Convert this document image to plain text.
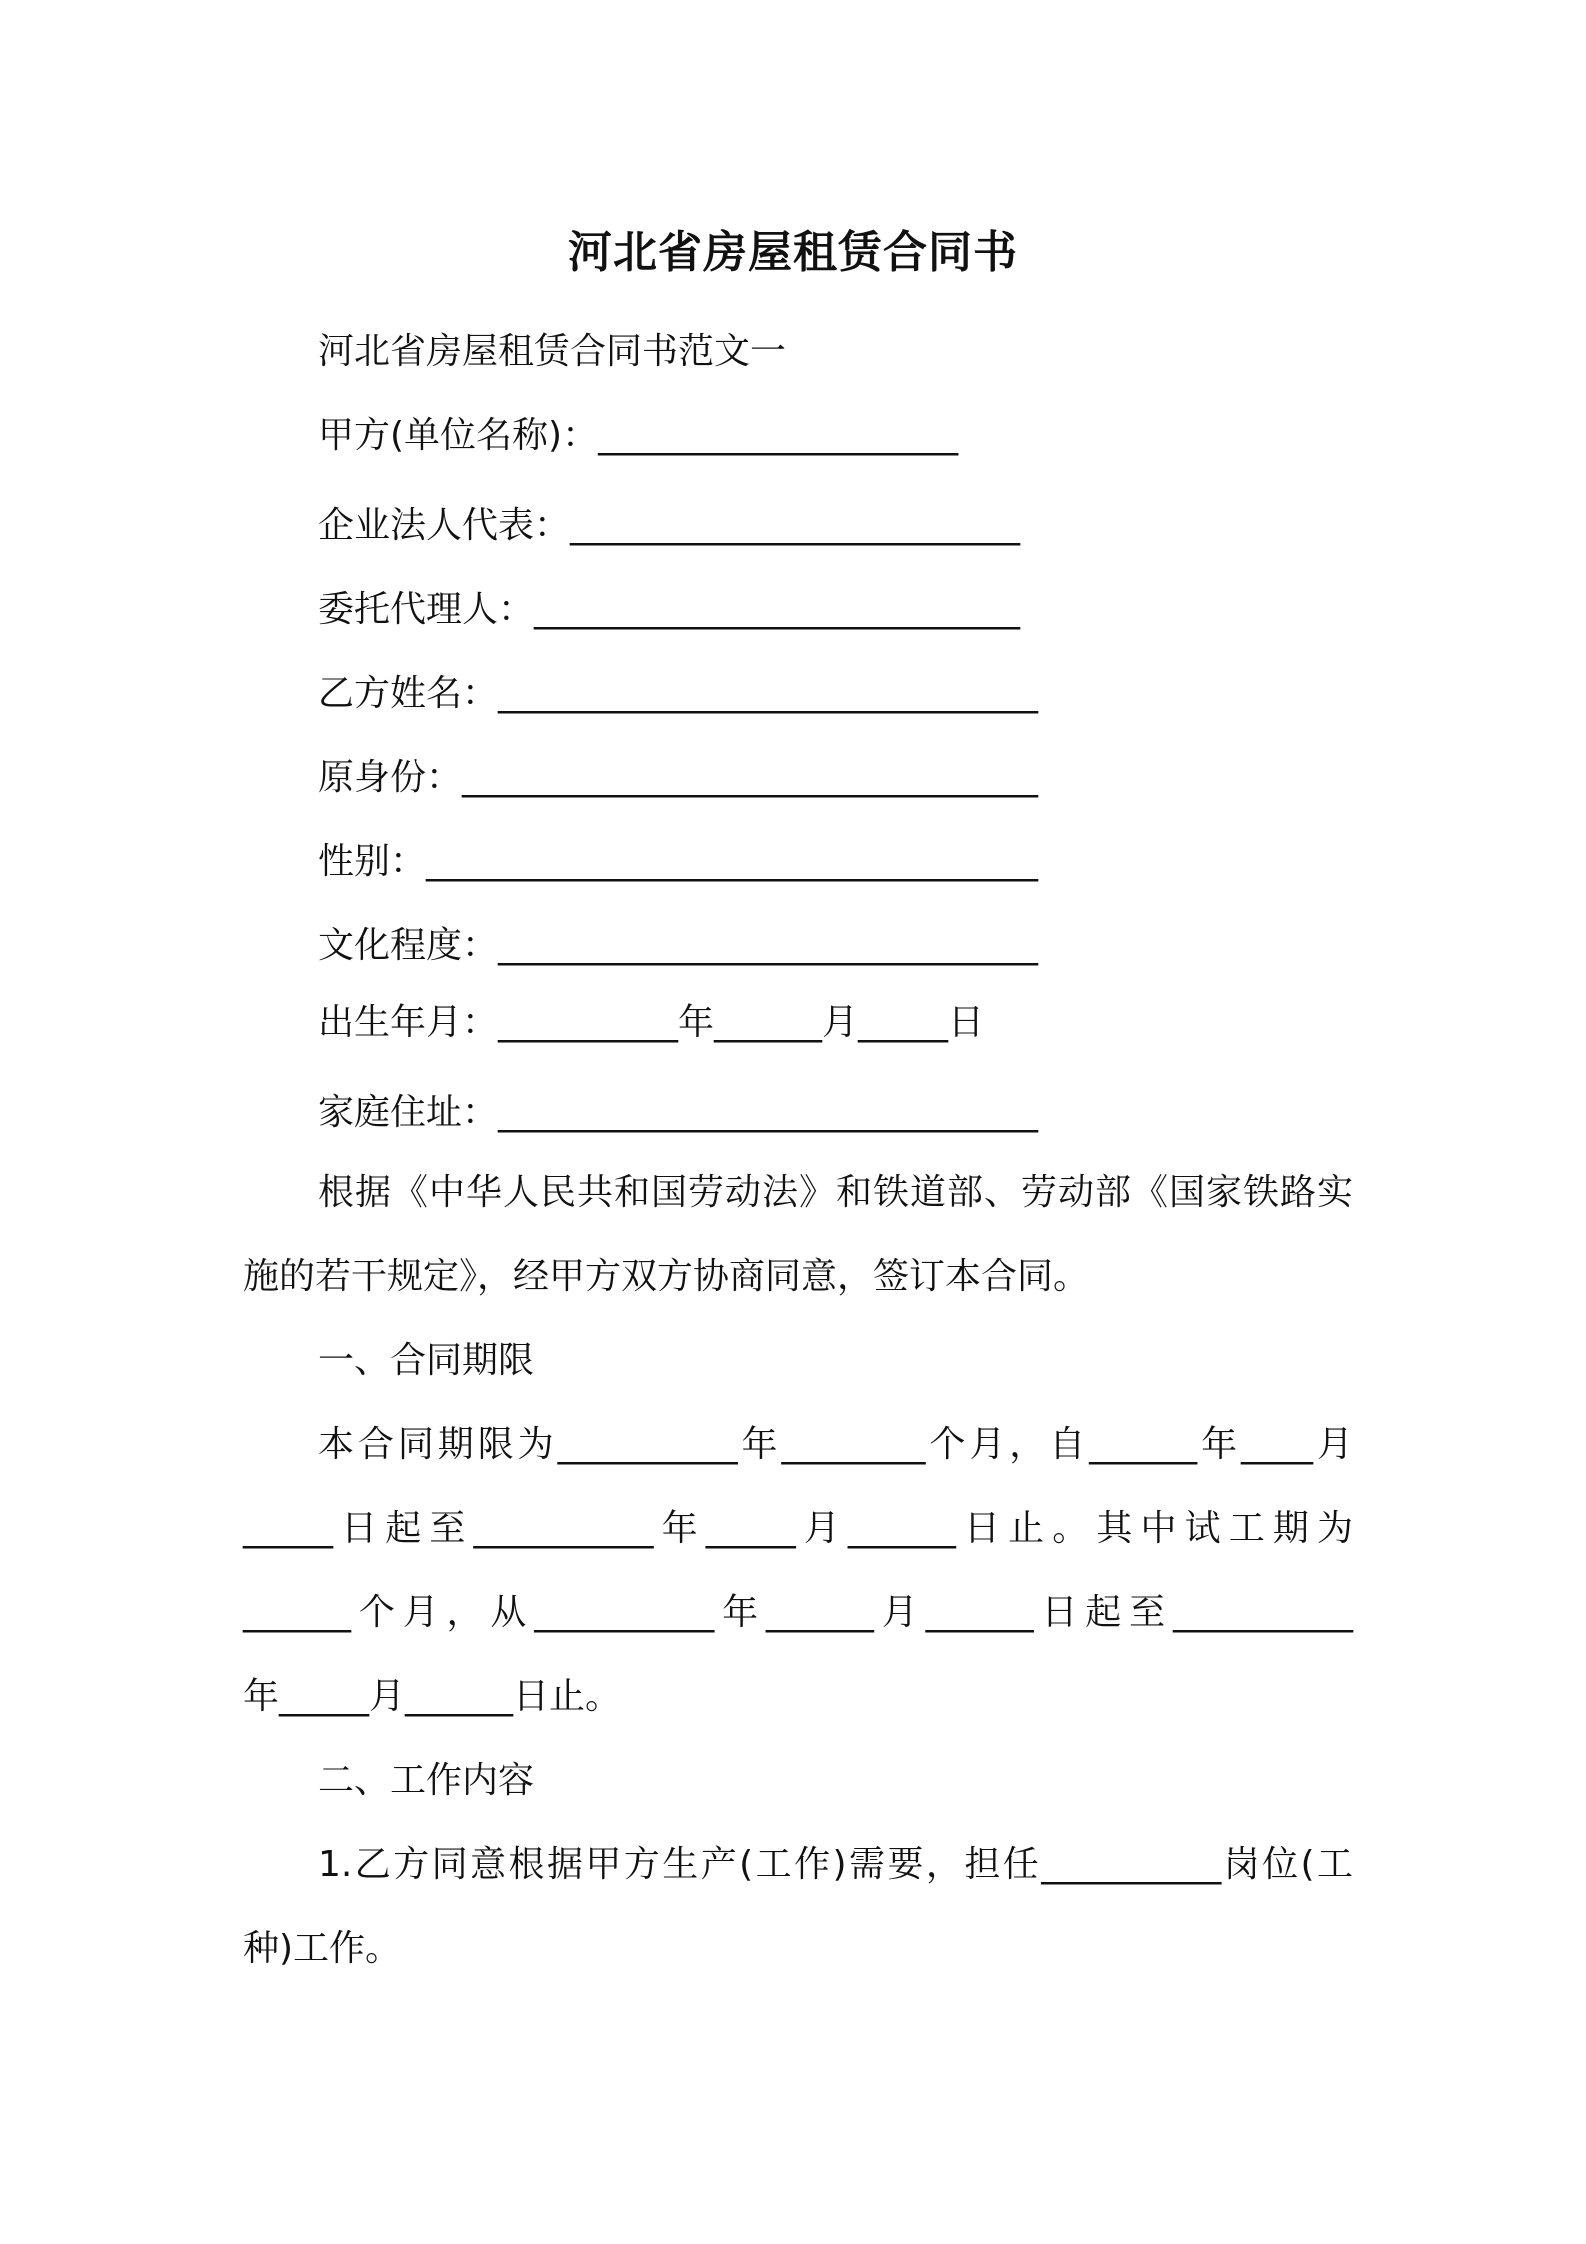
河北省房屋租赁合同书
河北省房屋租赁合同书范文一
甲方(单位名称)：____________________
企业法人代表：_________________________
委托代理人：___________________________
乙方姓名：______________________________
原身份：________________________________
性别：__________________________________
文化程度：______________________________
出生年月：__________年______月_____日
家庭住址：______________________________
根据《中华人民共和国劳动法》和铁道部、劳动部《国家铁路实
施的若干规定》，经甲方双方协商同意，签订本合同。
一、合同期限
本合同期限为__________年________个月，自______年____月
_____日起至__________年_____月______日止。其中试工期为
______个月，从__________年______月______日起至__________
年_____月______日止。
二、工作内容
1.乙方同意根据甲方生产(工作)需要，担任__________岗位(工
种)工作。
